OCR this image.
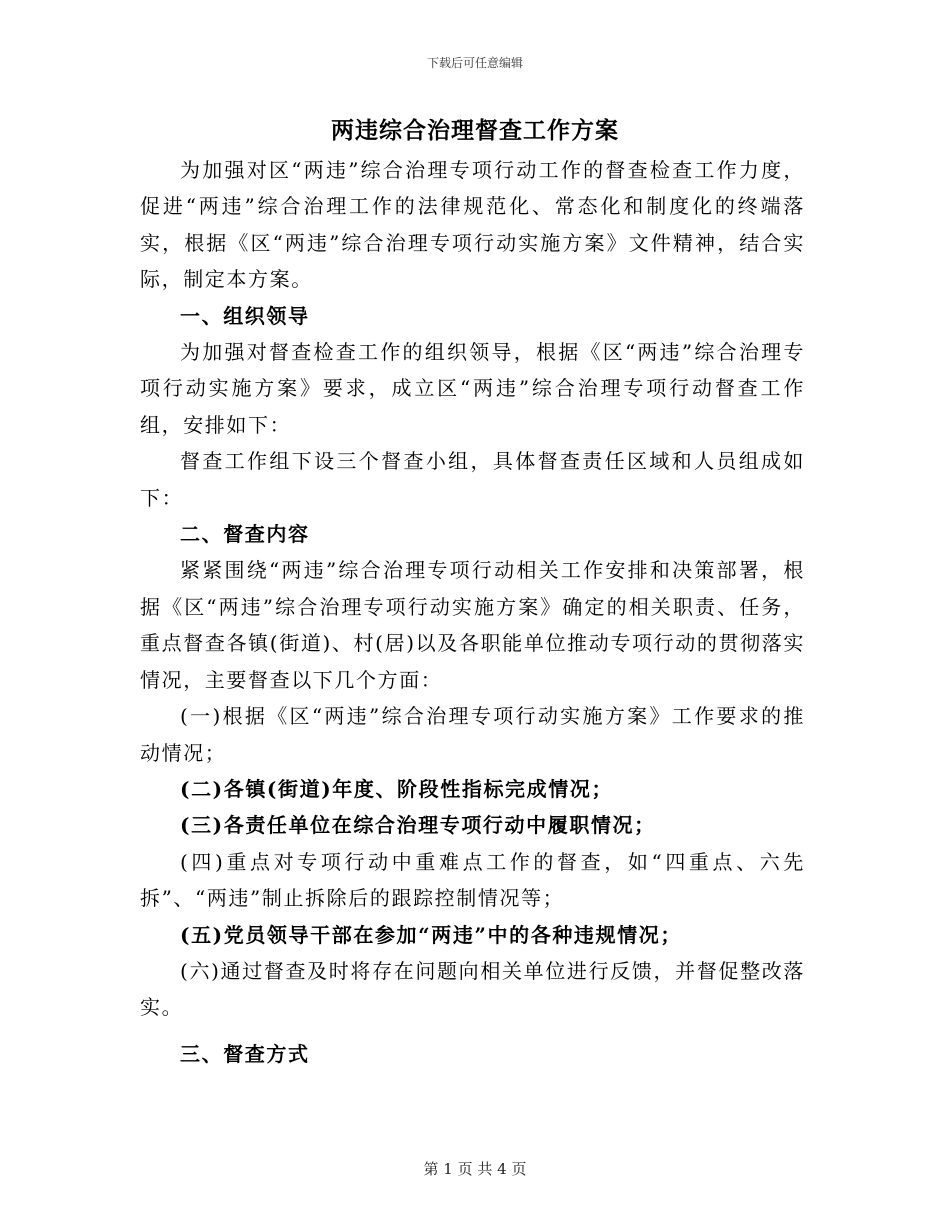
下载后可任意编辑
两违综合治理督查工作方案

为加强对区“两违”综合治理专项行动工作的督查检查工作力度，促进“两违”综合治理工作的法律规范化、常态化和制度化的终端落实，根据《区“两违”综合治理专项行动实施方案》文件精神，结合实际，制定本方案。

一、组织领导

为加强对督查检查工作的组织领导，根据《区“两违”综合治理专项行动实施方案》要求，成立区“两违”综合治理专项行动督查工作组，安排如下：

督查工作组下设三个督查小组，具体督查责任区域和人员组成如下：

二、督查内容

紧紧围绕“两违”综合治理专项行动相关工作安排和决策部署，根据《区“两违”综合治理专项行动实施方案》确定的相关职责、任务，重点督查各镇(街道)、村(居)以及各职能单位推动专项行动的贯彻落实情况，主要督查以下几个方面：

(一)根据《区“两违”综合治理专项行动实施方案》工作要求的推动情况；

(二)各镇(街道)年度、阶段性指标完成情况；

(三)各责任单位在综合治理专项行动中履职情况；

(四)重点对专项行动中重难点工作的督查，如“四重点、六先拆”、“两违”制止拆除后的跟踪控制情况等；

(五)党员领导干部在参加“两违”中的各种违规情况；

(六)通过督查及时将存在问题向相关单位进行反馈，并督促整改落实。

三、督查方式

第 1 页 共 4 页
